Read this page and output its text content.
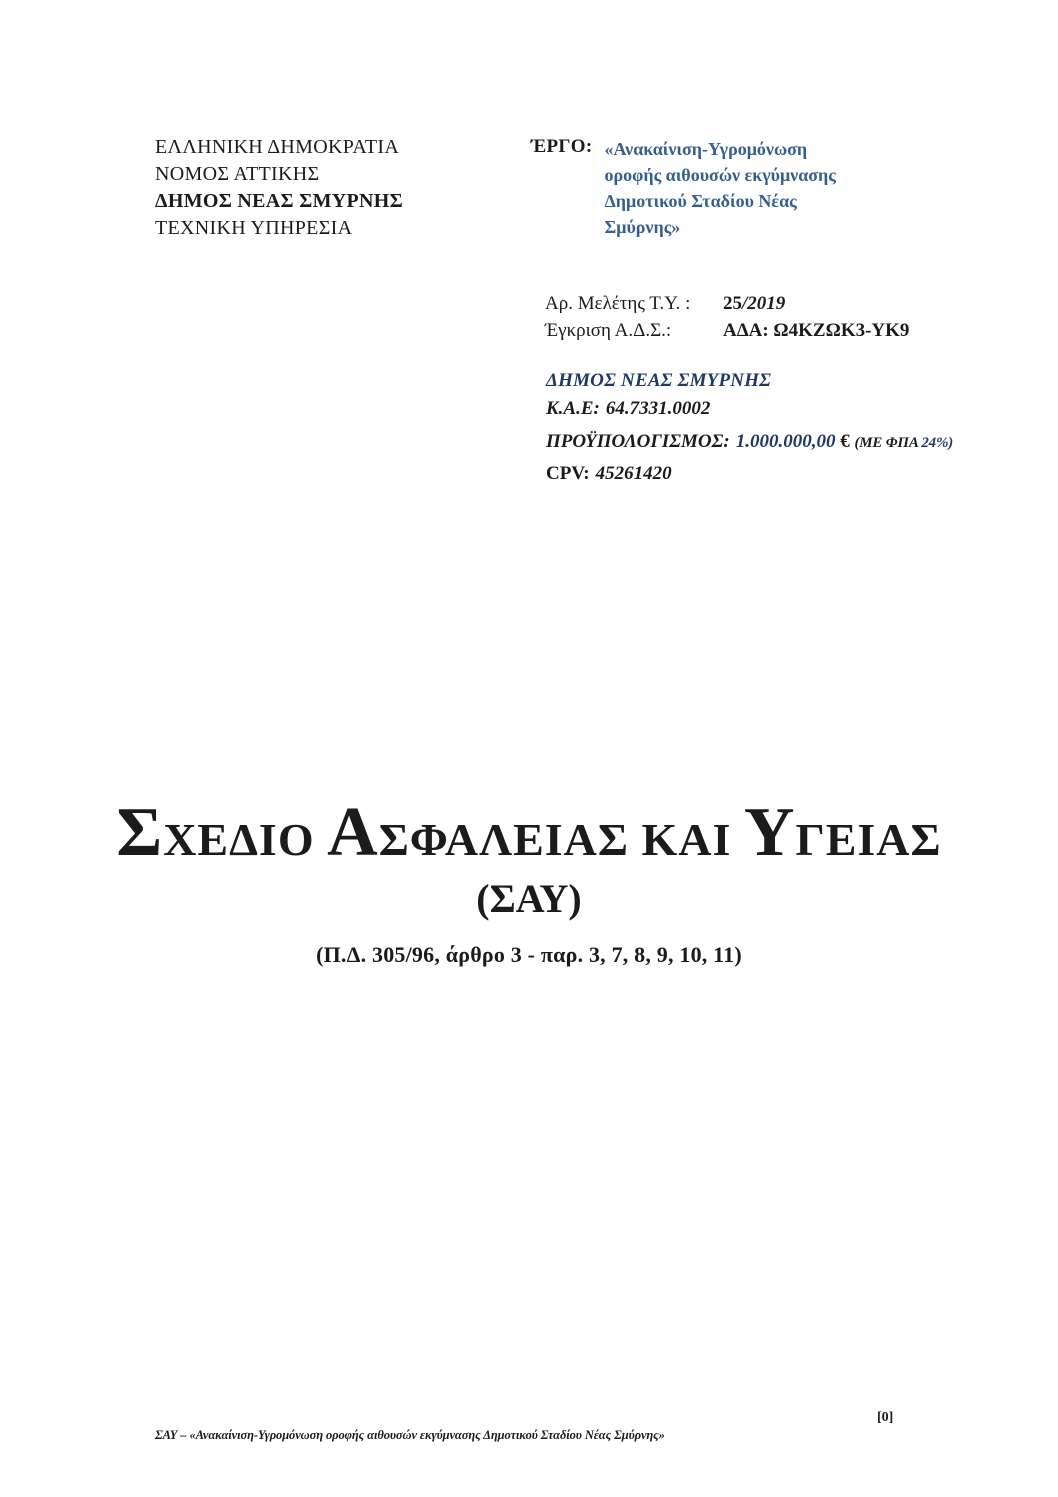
ΕΛΛΗΝΙΚΗ ΔΗΜΟΚΡΑΤΙΑ
ΝΟΜΟΣ ΑΤΤΙΚΗΣ
ΔΗΜΟΣ ΝΕΑΣ ΣΜΥΡΝΗΣ
ΤΕΧΝΙΚΗ ΥΠΗΡΕΣΙΑ
ΈΡΓΟ: «Ανακαίνιση-Υγρομόνωση οροφής αιθουσών εκγύμνασης Δημοτικού Σταδίου Νέας Σμύρνης»
Αρ. Μελέτης Τ.Υ. :	25/2019
Έγκριση Α.Δ.Σ.:	ΑΔΑ: Ω4ΚΖΩΚ3-ΥΚ9
ΔΗΜΟΣ ΝΕΑΣ ΣΜΥΡΝΗΣ
Κ.Α.Ε: 64.7331.0002
ΠΡΟΫΠΟΛΟΓΙΣΜΟΣ: 1.000.000,00 € (ΜΕ ΦΠΑ 24%)
CPV: 45261420
ΣΧΕΔΙΟ ΑΣΦΑΛΕΙΑΣ ΚΑΙ ΥΓΕΙΑΣ
(ΣΑΥ)
(Π.Δ. 305/96, άρθρο 3 - παρ. 3, 7, 8, 9, 10, 11)
[0]
ΣΑΥ – «Ανακαίνιση-Υγρομόνωση οροφής αιθουσών εκγύμνασης Δημοτικού Σταδίου Νέας Σμύρνης»
